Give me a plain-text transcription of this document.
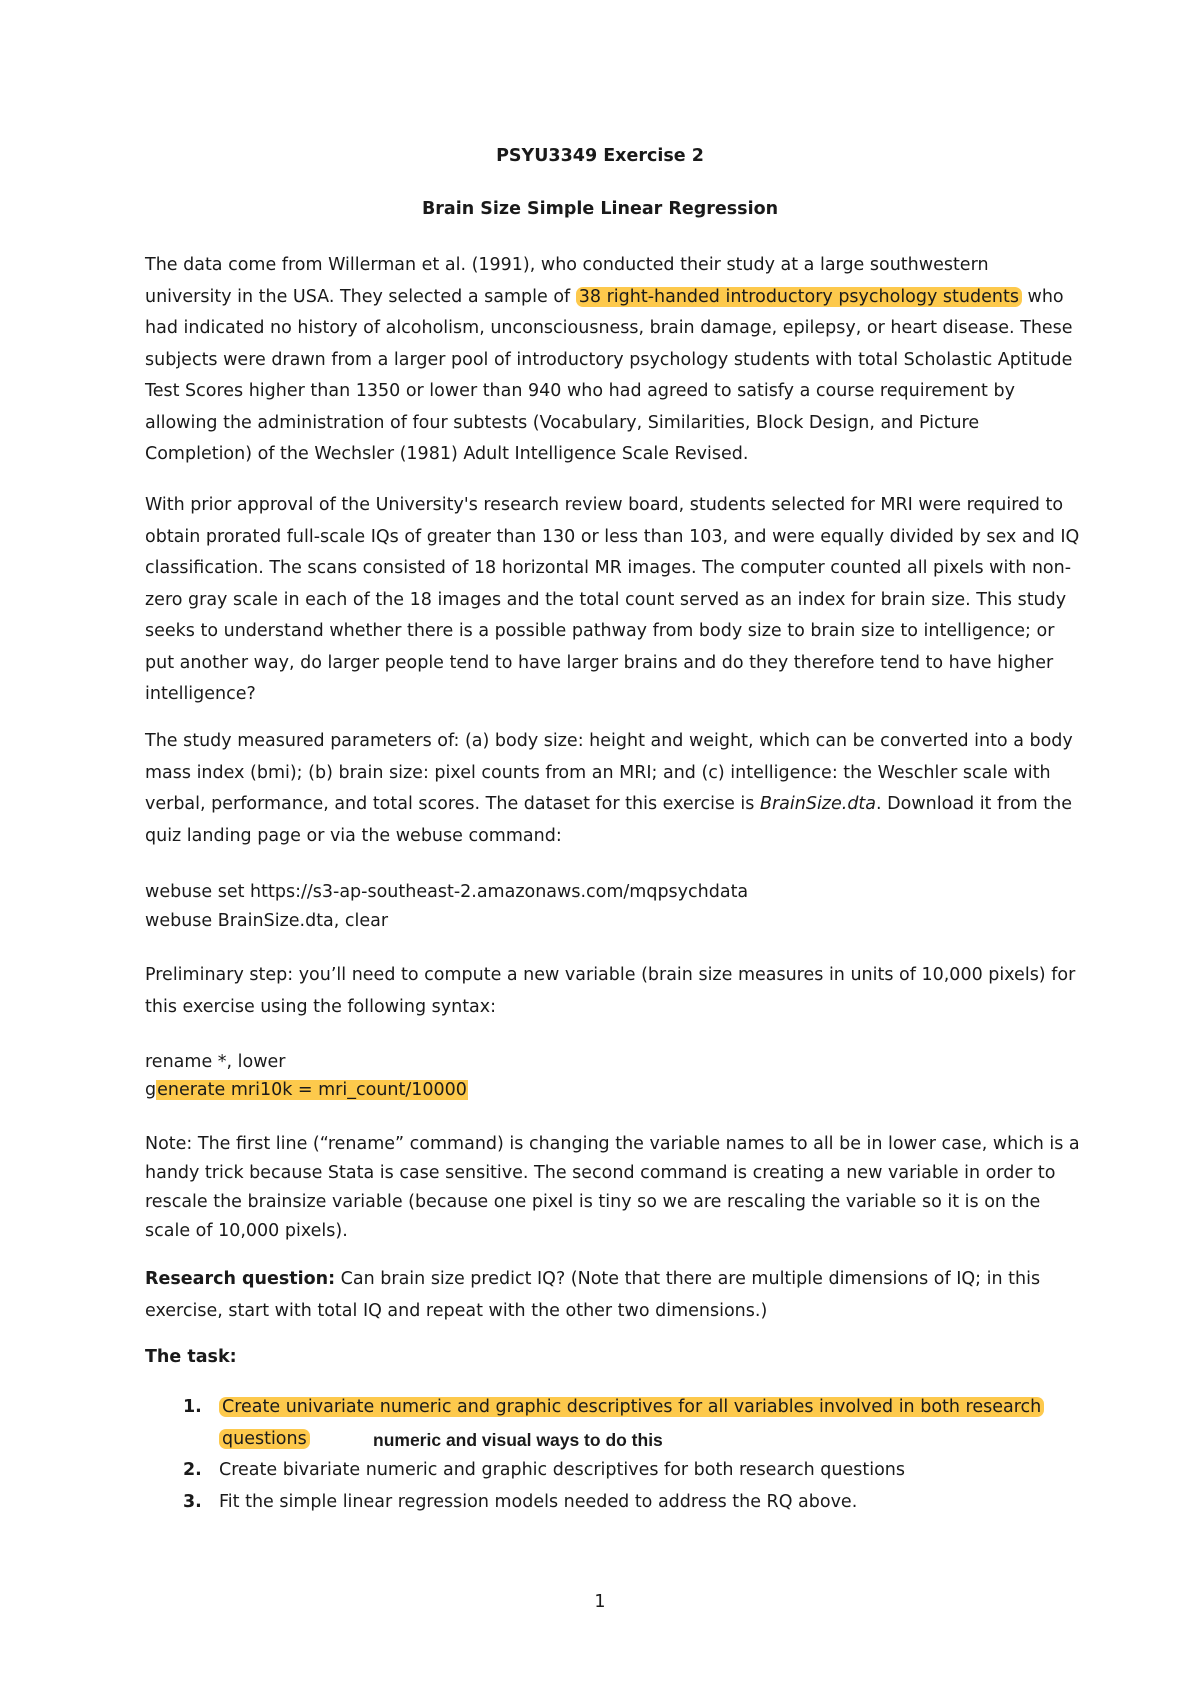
PSYU3349 Exercise 2

Brain Size Simple Linear Regression

The data come from Willerman et al. (1991), who conducted their study at a large southwestern university in the USA. They selected a sample of 38 right-handed introductory psychology students who had indicated no history of alcoholism, unconsciousness, brain damage, epilepsy, or heart disease. These subjects were drawn from a larger pool of introductory psychology students with total Scholastic Aptitude Test Scores higher than 1350 or lower than 940 who had agreed to satisfy a course requirement by allowing the administration of four subtests (Vocabulary, Similarities, Block Design, and Picture Completion) of the Wechsler (1981) Adult Intelligence Scale Revised.

With prior approval of the University's research review board, students selected for MRI were required to obtain prorated full-scale IQs of greater than 130 or less than 103, and were equally divided by sex and IQ classification. The scans consisted of 18 horizontal MR images. The computer counted all pixels with non-zero gray scale in each of the 18 images and the total count served as an index for brain size. This study seeks to understand whether there is a possible pathway from body size to brain size to intelligence; or put another way, do larger people tend to have larger brains and do they therefore tend to have higher intelligence?

The study measured parameters of: (a) body size: height and weight, which can be converted into a body mass index (bmi); (b) brain size: pixel counts from an MRI; and (c) intelligence: the Weschler scale with verbal, performance, and total scores. The dataset for this exercise is BrainSize.dta. Download it from the quiz landing page or via the webuse command:

webuse set https://s3-ap-southeast-2.amazonaws.com/mqpsychdata

webuse BrainSize.dta, clear

Preliminary step: you’ll need to compute a new variable (brain size measures in units of 10,000 pixels) for this exercise using the following syntax:

rename *, lower

generate mri10k = mri_count/10000

Note: The first line (“rename” command) is changing the variable names to all be in lower case, which is a handy trick because Stata is case sensitive. The second command is creating a new variable in order to rescale the brainsize variable (because one pixel is tiny so we are rescaling the variable so it is on the scale of 10,000 pixels).

Research question: Can brain size predict IQ? (Note that there are multiple dimensions of IQ; in this exercise, start with total IQ and repeat with the other two dimensions.)

The task:

1. Create univariate numeric and graphic descriptives for all variables involved in both research
questions	numeric and visual ways to do this
2. Create bivariate numeric and graphic descriptives for both research questions
3. Fit the simple linear regression models needed to address the RQ above.

1
